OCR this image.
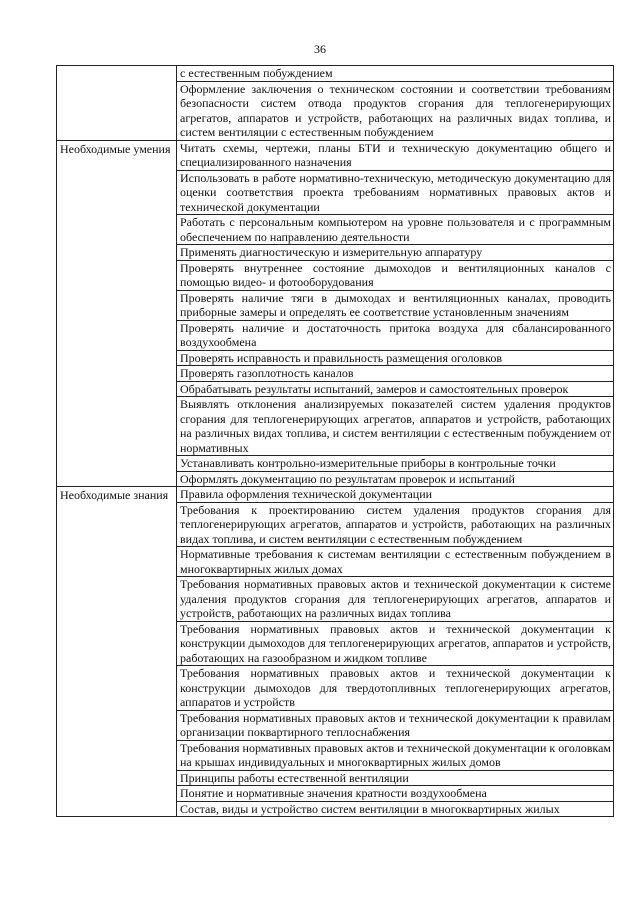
36
	с естественным побуждением
	Оформление заключения о техническом состоянии и соответствии требованиям безопасности систем отвода продуктов сгорания для теплогенерирующих агрегатов, аппаратов и устройств, работающих на различных видах топлива, и систем вентиляции с естественным побуждением

Необходимые умения	Читать схемы, чертежи, планы БТИ и техническую документацию общего и специализированного назначения
	Использовать в работе нормативно-техническую, методическую документацию для оценки соответствия проекта требованиям нормативных правовых актов и технической документации
	Работать с персональным компьютером на уровне пользователя и с программным обеспечением по направлению деятельности
	Применять диагностическую и измерительную аппаратуру
	Проверять внутреннее состояние дымоходов и вентиляционных каналов с помощью видео- и фотооборудования
	Проверять наличие тяги в дымоходах и вентиляционных каналах, проводить приборные замеры и определять ее соответствие установленным значениям
	Проверять наличие и достаточность притока воздуха для сбалансированного воздухообмена
	Проверять исправность и правильность размещения оголовков
	Проверять газоплотность каналов
	Обрабатывать результаты испытаний, замеров и самостоятельных проверок
	Выявлять отклонения анализируемых показателей систем удаления продуктов сгорания для теплогенерирующих агрегатов, аппаратов и устройств, работающих на различных видах топлива, и систем вентиляции с естественным побуждением от нормативных
	Устанавливать контрольно-измерительные приборы в контрольные точки
	Оформлять документацию по результатам проверок и испытаний

Необходимые знания	Правила оформления технической документации
	Требования к проектированию систем удаления продуктов сгорания для теплогенерирующих агрегатов, аппаратов и устройств, работающих на различных видах топлива, и систем вентиляции с естественным побуждением
	Нормативные требования к системам вентиляции с естественным побуждением в многоквартирных жилых домах
	Требования нормативных правовых актов и технической документации к системе удаления продуктов сгорания для теплогенерирующих агрегатов, аппаратов и устройств, работающих на различных видах топлива
	Требования нормативных правовых актов и технической документации к конструкции дымоходов для теплогенерирующих агрегатов, аппаратов и устройств, работающих на газообразном и жидком топливе
	Требования нормативных правовых актов и технической документации к конструкции дымоходов для твердотопливных теплогенерирующих агрегатов, аппаратов и устройств
	Требования нормативных правовых актов и технической документации к правилам организации поквартирного теплоснабжения
	Требования нормативных правовых актов и технической документации к оголовкам на крышах индивидуальных и многоквартирных жилых домов
	Принципы работы естественной вентиляции
	Понятие и нормативные значения кратности воздухообмена
	Состав, виды и устройство систем вентиляции в многоквартирных жилых
